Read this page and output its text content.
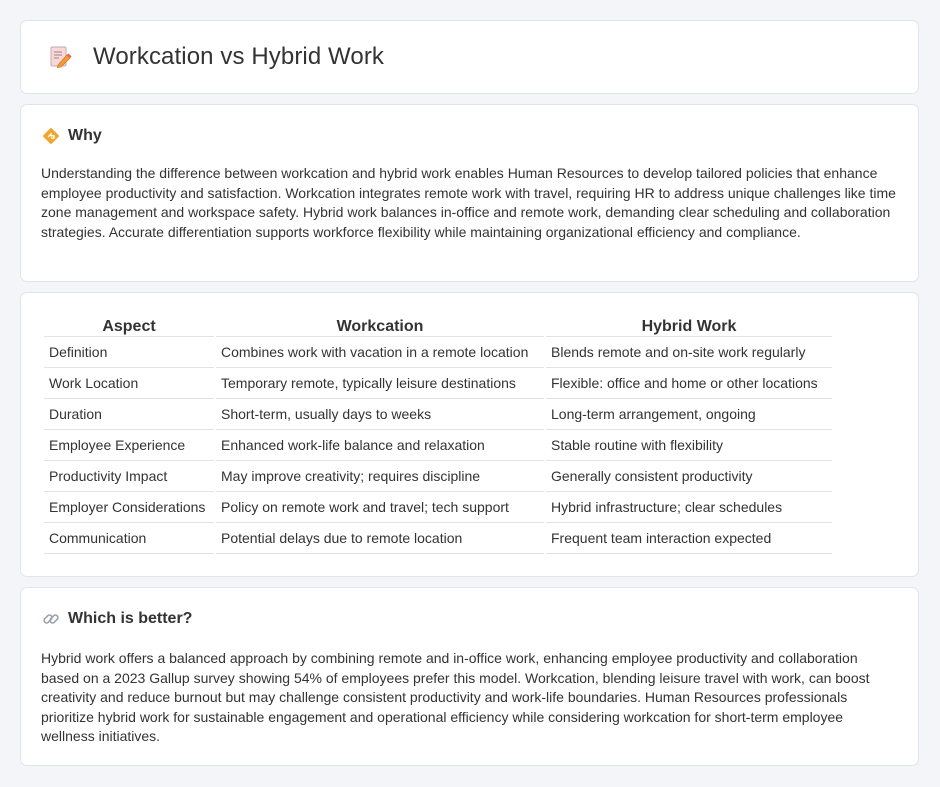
Workcation vs Hybrid Work
Why

Understanding the difference between workcation and hybrid work enables Human Resources to develop tailored policies that enhance employee productivity and satisfaction. Workcation integrates remote work with travel, requiring HR to address unique challenges like time zone management and workspace safety. Hybrid work balances in-office and remote work, demanding clear scheduling and collaboration strategies. Accurate differentiation supports workforce flexibility while maintaining organizational efficiency and compliance.

Aspect	Workcation	Hybrid Work
Definition	Combines work with vacation in a remote location	Blends remote and on-site work regularly
Work Location	Temporary remote, typically leisure destinations	Flexible: office and home or other locations
Duration	Short-term, usually days to weeks	Long-term arrangement, ongoing
Employee Experience	Enhanced work-life balance and relaxation	Stable routine with flexibility
Productivity Impact	May improve creativity; requires discipline	Generally consistent productivity
Employer Considerations	Policy on remote work and travel; tech support	Hybrid infrastructure; clear schedules
Communication	Potential delays due to remote location	Frequent team interaction expected
Which is better?

Hybrid work offers a balanced approach by combining remote and in-office work, enhancing employee productivity and collaboration based on a 2023 Gallup survey showing 54% of employees prefer this model. Workcation, blending leisure travel with work, can boost creativity and reduce burnout but may challenge consistent productivity and work-life boundaries. Human Resources professionals prioritize hybrid work for sustainable engagement and operational efficiency while considering workcation for short-term employee wellness initiatives.
